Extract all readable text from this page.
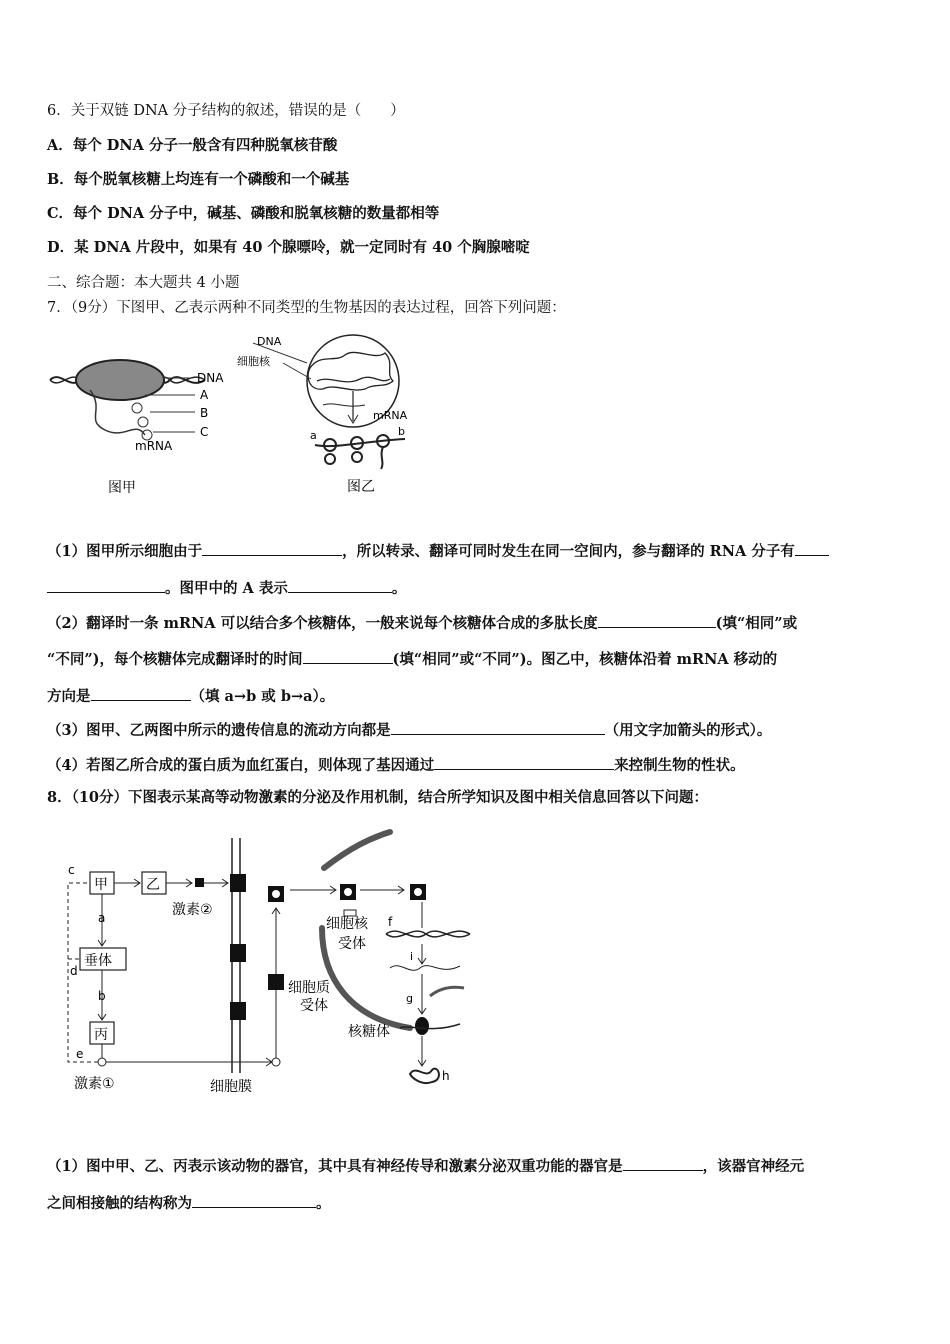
6．关于双链 DNA 分子结构的叙述，错误的是（　　）
A．每个 DNA 分子一般含有四种脱氧核苷酸
B．每个脱氧核糖上均连有一个磷酸和一个碱基
C．每个 DNA 分子中，碱基、磷酸和脱氧核糖的数量都相等
D．某 DNA 片段中，如果有 40 个腺嘌呤，就一定同时有 40 个胸腺嘧啶
二、综合题：本大题共 4 小题
7．（9分）下图甲、乙表示两种不同类型的生物基因的表达过程，回答下列问题：
DNA
A
B
C
mRNA
图甲
DNA
细胞核
mRNA
a	b
图乙
（1）图甲所示细胞由于	，所以转录、翻译可同时发生在同一空间内，参与翻译的 RNA 分子有
。图甲中的 A 表示	。
（2）翻译时一条 mRNA 可以结合多个核糖体，一般来说每个核糖体合成的多肽长度	(填“相同”或
“不同”)，每个核糖体完成翻译时的时间	(填“相同”或“不同”)。图乙中，核糖体沿着 mRNA 移动的
方向是	（填 a→b 或 b→a）。
（3）图甲、乙两图中所示的遗传信息的流动方向都是	（用文字加箭头的形式）。
（4）若图乙所合成的蛋白质为血红蛋白，则体现了基因通过	来控制生物的性状。
8．（10分）下图表示某高等动物激素的分泌及作用机制，结合所学知识及图中相关信息回答以下问题：
甲	乙
激素②
a
垂体
b
丙
激素①
c
d
e
细胞膜
细胞质
受体
细胞核
受体
f
i
g
核糖体
h
（1）图中甲、乙、丙表示该动物的器官，其中具有神经传导和激素分泌双重功能的器官是	，该器官神经元
之间相接触的结构称为	。
